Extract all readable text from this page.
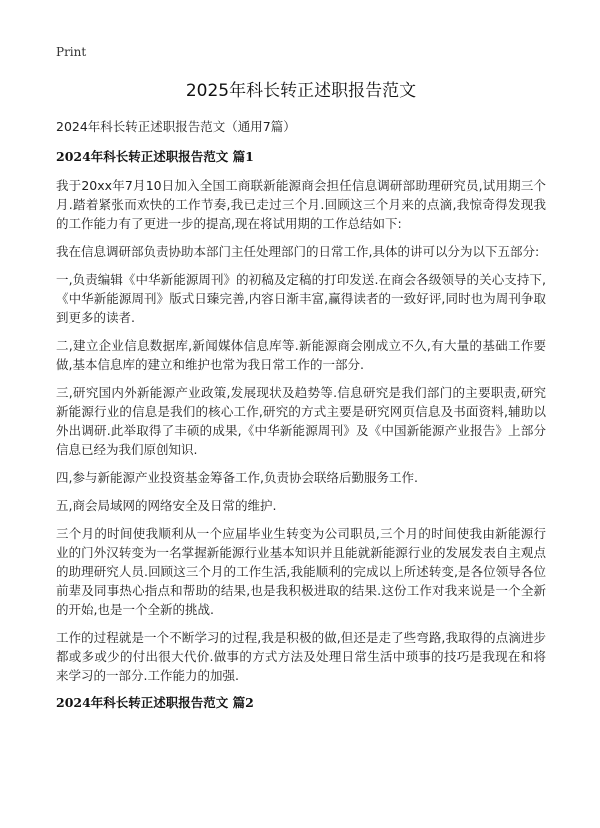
Print
2025年科长转正述职报告范文
2024年科长转正述职报告范文（通用7篇）
2024年科长转正述职报告范文 篇1

我于20xx年7月10日加入全国工商联新能源商会担任信息调研部助理研究员,试用期三个月.踏着紧张而欢快的工作节奏,我已走过三个月.回顾这三个月来的点滴,我惊奇得发现我的工作能力有了更进一步的提高,现在将试用期的工作总结如下:

我在信息调研部负责协助本部门主任处理部门的日常工作,具体的讲可以分为以下五部分:

一,负责编辑《中华新能源周刊》的初稿及定稿的打印发送.在商会各级领导的关心支持下,《中华新能源周刊》版式日臻完善,内容日渐丰富,赢得读者的一致好评,同时也为周刊争取到更多的读者.

二,建立企业信息数据库,新闻媒体信息库等.新能源商会刚成立不久,有大量的基础工作要做,基本信息库的建立和维护也常为我日常工作的一部分.

三,研究国内外新能源产业政策,发展现状及趋势等.信息研究是我们部门的主要职责,研究新能源行业的信息是我们的核心工作,研究的方式主要是研究网页信息及书面资料,辅助以外出调研.此举取得了丰硕的成果,《中华新能源周刊》及《中国新能源产业报告》上部分信息已经为我们原创知识.

四,参与新能源产业投资基金筹备工作,负责协会联络后勤服务工作.

五,商会局域网的网络安全及日常的维护.

三个月的时间使我顺利从一个应届毕业生转变为公司职员,三个月的时间使我由新能源行业的门外汉转变为一名掌握新能源行业基本知识并且能就新能源行业的发展发表自主观点的助理研究人员.回顾这三个月的工作生活,我能顺利的完成以上所述转变,是各位领导各位前辈及同事热心指点和帮助的结果,也是我积极进取的结果.这份工作对我来说是一个全新的开始,也是一个全新的挑战.

工作的过程就是一个不断学习的过程,我是积极的做,但还是走了些弯路,我取得的点滴进步都或多或少的付出很大代价.做事的方式方法及处理日常生活中琐事的技巧是我现在和将来学习的一部分.工作能力的加强.

2024年科长转正述职报告范文 篇2
